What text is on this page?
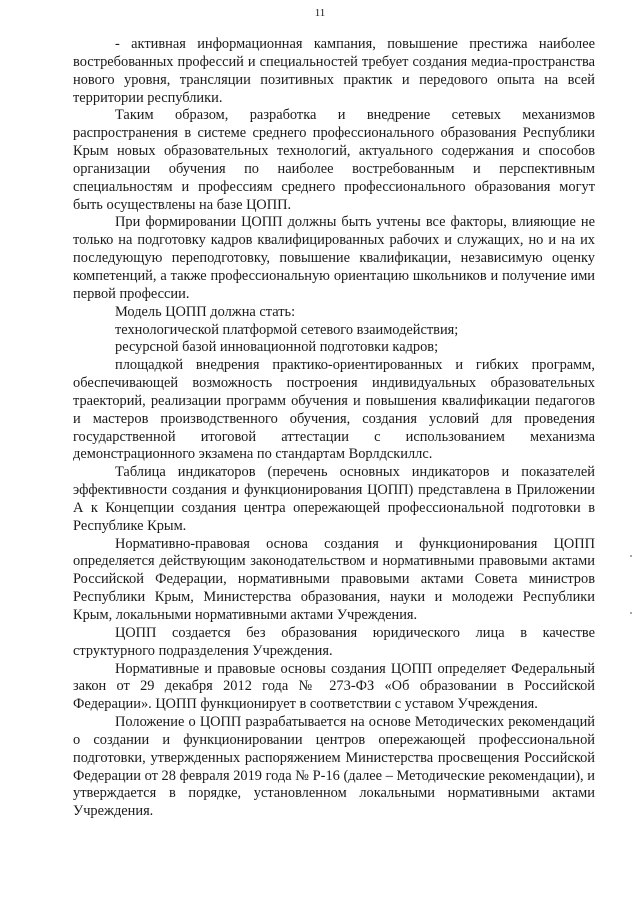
11

- активная информационная кампания, повышение престижа наиболее востребованных профессий и специальностей требует создания медиа-пространства нового уровня, трансляции позитивных практик и передового опыта на всей территории республики.

Таким образом, разработка и внедрение сетевых механизмов распространения в системе среднего профессионального образования Республики Крым новых образовательных технологий, актуального содержания и способов организации обучения по наиболее востребованным и перспективным специальностям и профессиям среднего профессионального образования могут быть осуществлены на базе ЦОПП.

При формировании ЦОПП должны быть учтены все факторы, влияющие не только на подготовку кадров квалифицированных рабочих и служащих, но и на их последующую переподготовку, повышение квалификации, независимую оценку компетенций, а также профессиональную ориентацию школьников и получение ими первой профессии.

Модель ЦОПП должна стать:

технологической платформой сетевого взаимодействия;

ресурсной базой инновационной подготовки кадров;

площадкой внедрения практико-ориентированных и гибких программ, обеспечивающей возможность построения индивидуальных образовательных траекторий, реализации программ обучения и повышения квалификации педагогов и мастеров производственного обучения, создания условий для проведения государственной итоговой аттестации с использованием механизма демонстрационного экзамена по стандартам Ворлдскиллс.

Таблица индикаторов (перечень основных индикаторов и показателей эффективности создания и функционирования ЦОПП) представлена в Приложении А к Концепции создания центра опережающей профессиональной подготовки в Республике Крым.

Нормативно-правовая основа создания и функционирования ЦОПП определяется действующим законодательством и нормативными правовыми актами Российской Федерации, нормативными правовыми актами Совета министров Республики Крым, Министерства образования, науки и молодежи Республики Крым, локальными нормативными актами Учреждения.

ЦОПП создается без образования юридического лица в качестве структурного подразделения Учреждения.

Нормативные и правовые основы создания ЦОПП определяет Федеральный закон от 29 декабря 2012 года № 273-ФЗ «Об образовании в Российской Федерации». ЦОПП функционирует в соответствии с уставом Учреждения.

Положение о ЦОПП разрабатывается на основе Методических рекомендаций о создании и функционировании центров опережающей профессиональной подготовки, утвержденных распоряжением Министерства просвещения Российской Федерации от 28 февраля 2019 года № Р-16 (далее – Методические рекомендации), и утверждается в порядке, установленном локальными нормативными актами Учреждения.
